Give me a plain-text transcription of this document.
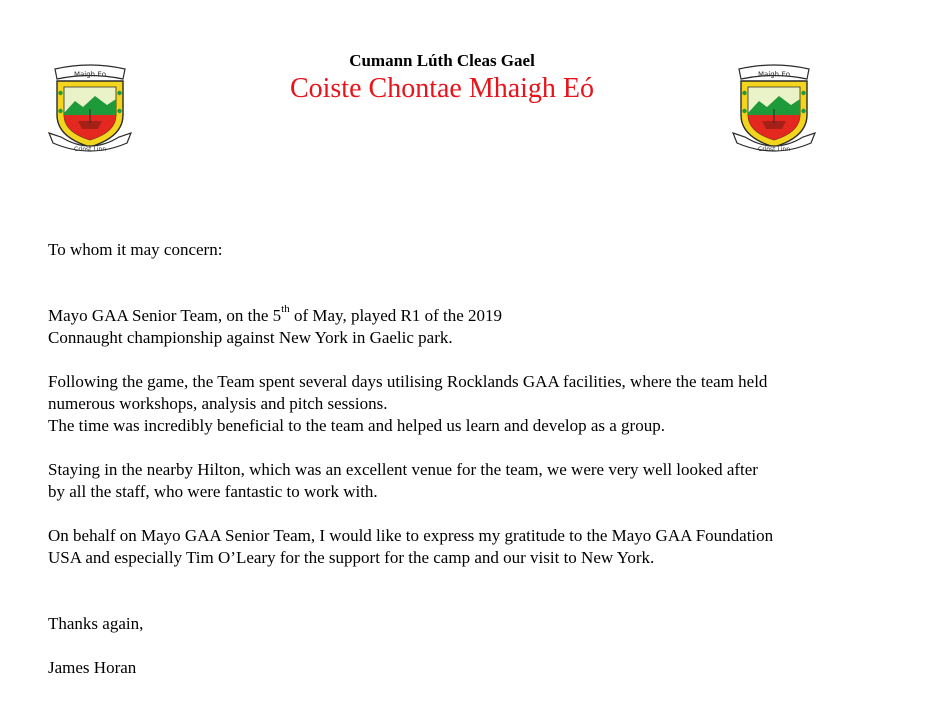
Maigh Eo
Críost Linn
Maigh Eo
Críost Linn
Cumann Lúth Cleas Gael
Coiste Chontae Mhaigh Eó

To whom it may concern:

Mayo GAA Senior Team, on the 5th of May, played R1 of the 2019

Connaught championship against New York in Gaelic park.

Following the game, the Team spent several days utilising Rocklands GAA facilities, where the team held

numerous workshops, analysis and pitch sessions.

The time was incredibly beneficial to the team and helped us learn and develop as a group.

Staying in the nearby Hilton, which was an excellent venue for the team, we were very well looked after

by all the staff, who were fantastic to work with.

On behalf on Mayo GAA Senior Team, I would like to express my gratitude to the Mayo GAA Foundation

USA and especially Tim O’Leary for the support for the camp and our visit to New York.

Thanks again,

James Horan
